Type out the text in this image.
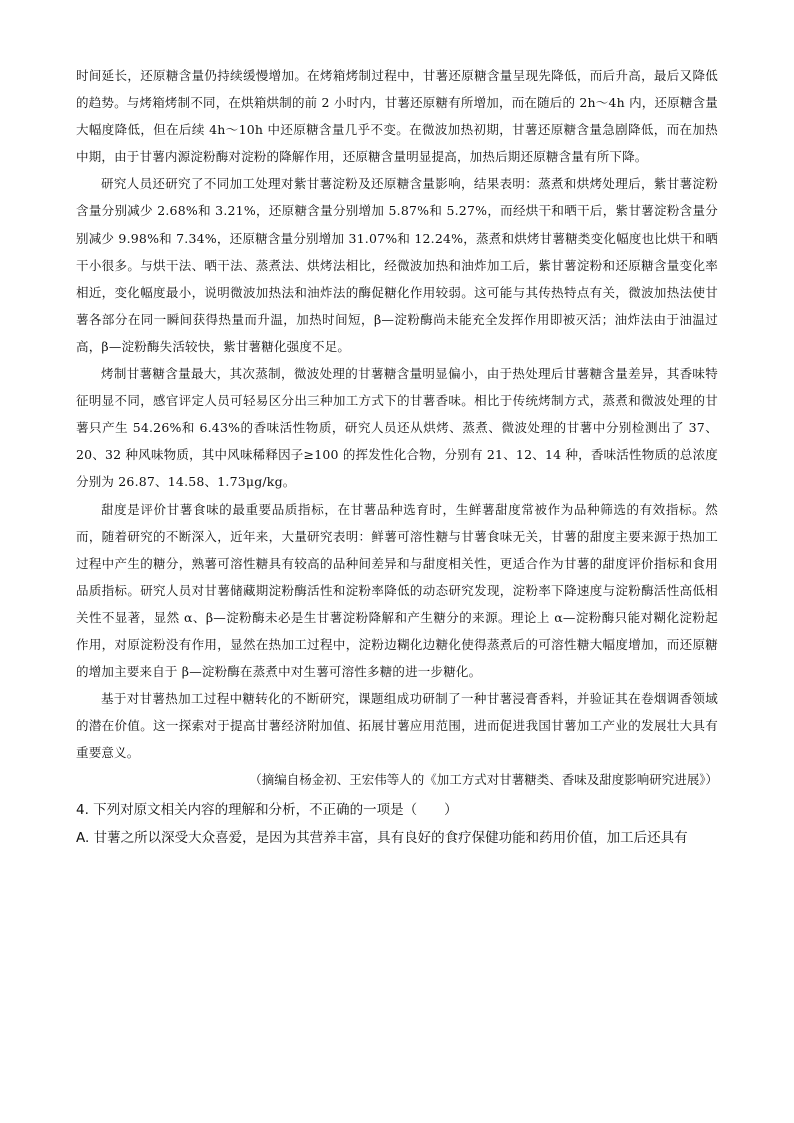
时间延长，还原糖含量仍持续缓慢增加。在烤箱烤制过程中，甘薯还原糖含量呈现先降低，而后升高，最后又降低的趋势。与烤箱烤制不同，在烘箱烘制的前 2 小时内，甘薯还原糖有所增加，而在随后的 2h～4h 内，还原糖含量大幅度降低，但在后续 4h～10h 中还原糖含量几乎不变。在微波加热初期，甘薯还原糖含量急剧降低，而在加热中期，由于甘薯内源淀粉酶对淀粉的降解作用，还原糖含量明显提高，加热后期还原糖含量有所下降。

研究人员还研究了不同加工处理对紫甘薯淀粉及还原糖含量影响，结果表明：蒸煮和烘烤处理后，紫甘薯淀粉含量分别减少 2.68%和 3.21%，还原糖含量分别增加 5.87%和 5.27%，而经烘干和晒干后，紫甘薯淀粉含量分别减少 9.98%和 7.34%，还原糖含量分别增加 31.07%和 12.24%，蒸煮和烘烤甘薯糖类变化幅度也比烘干和晒干小很多。与烘干法、晒干法、蒸煮法、烘烤法相比，经微波加热和油炸加工后，紫甘薯淀粉和还原糖含量变化率相近，变化幅度最小，说明微波加热法和油炸法的酶促糖化作用较弱。这可能与其传热特点有关，微波加热法使甘薯各部分在同一瞬间获得热量而升温，加热时间短，β—淀粉酶尚未能充全发挥作用即被灭活；油炸法由于油温过高，β—淀粉酶失活较快，紫甘薯糖化强度不足。

烤制甘薯糖含量最大，其次蒸制，微波处理的甘薯糖含量明显偏小，由于热处理后甘薯糖含量差异，其香味特征明显不同，感官评定人员可轻易区分出三种加工方式下的甘薯香味。相比于传统烤制方式，蒸煮和微波处理的甘薯只产生 54.26%和 6.43%的香味活性物质，研究人员还从烘烤、蒸煮、微波处理的甘薯中分别检测出了 37、20、32 种风味物质，其中风味稀释因子≥100 的挥发性化合物，分别有 21、12、14 种，香味活性物质的总浓度分别为 26.87、14.58、1.73μg/kg。

甜度是评价甘薯食味的最重要品质指标，在甘薯品种选育时，生鲜薯甜度常被作为品种筛选的有效指标。然而，随着研究的不断深入，近年来，大量研究表明：鲜薯可溶性糖与甘薯食味无关，甘薯的甜度主要来源于热加工过程中产生的糖分，熟薯可溶性糖具有较高的品种间差异和与甜度相关性，更适合作为甘薯的甜度评价指标和食用品质指标。研究人员对甘薯储藏期淀粉酶活性和淀粉率降低的动态研究发现，淀粉率下降速度与淀粉酶活性高低相关性不显著，显然 α、β—淀粉酶未必是生甘薯淀粉降解和产生糖分的来源。理论上 α—淀粉酶只能对糊化淀粉起作用，对原淀粉没有作用，显然在热加工过程中，淀粉边糊化边糖化使得蒸煮后的可溶性糖大幅度增加，而还原糖的增加主要来自于 β—淀粉酶在蒸煮中对生薯可溶性多糖的进一步糖化。

基于对甘薯热加工过程中糖转化的不断研究，课题组成功研制了一种甘薯浸膏香料，并验证其在卷烟调香领域的潜在价值。这一探索对于提高甘薯经济附加值、拓展甘薯应用范围，进而促进我国甘薯加工产业的发展壮大具有重要意义。

（摘编自杨金初、王宏伟等人的《加工方式对甘薯糖类、香味及甜度影响研究进展》）

4. 下列对原文相关内容的理解和分析，不正确的一项是（　　）

A. 甘薯之所以深受大众喜爱，是因为其营养丰富，具有良好的食疗保健功能和药用价值，加工后还具有
